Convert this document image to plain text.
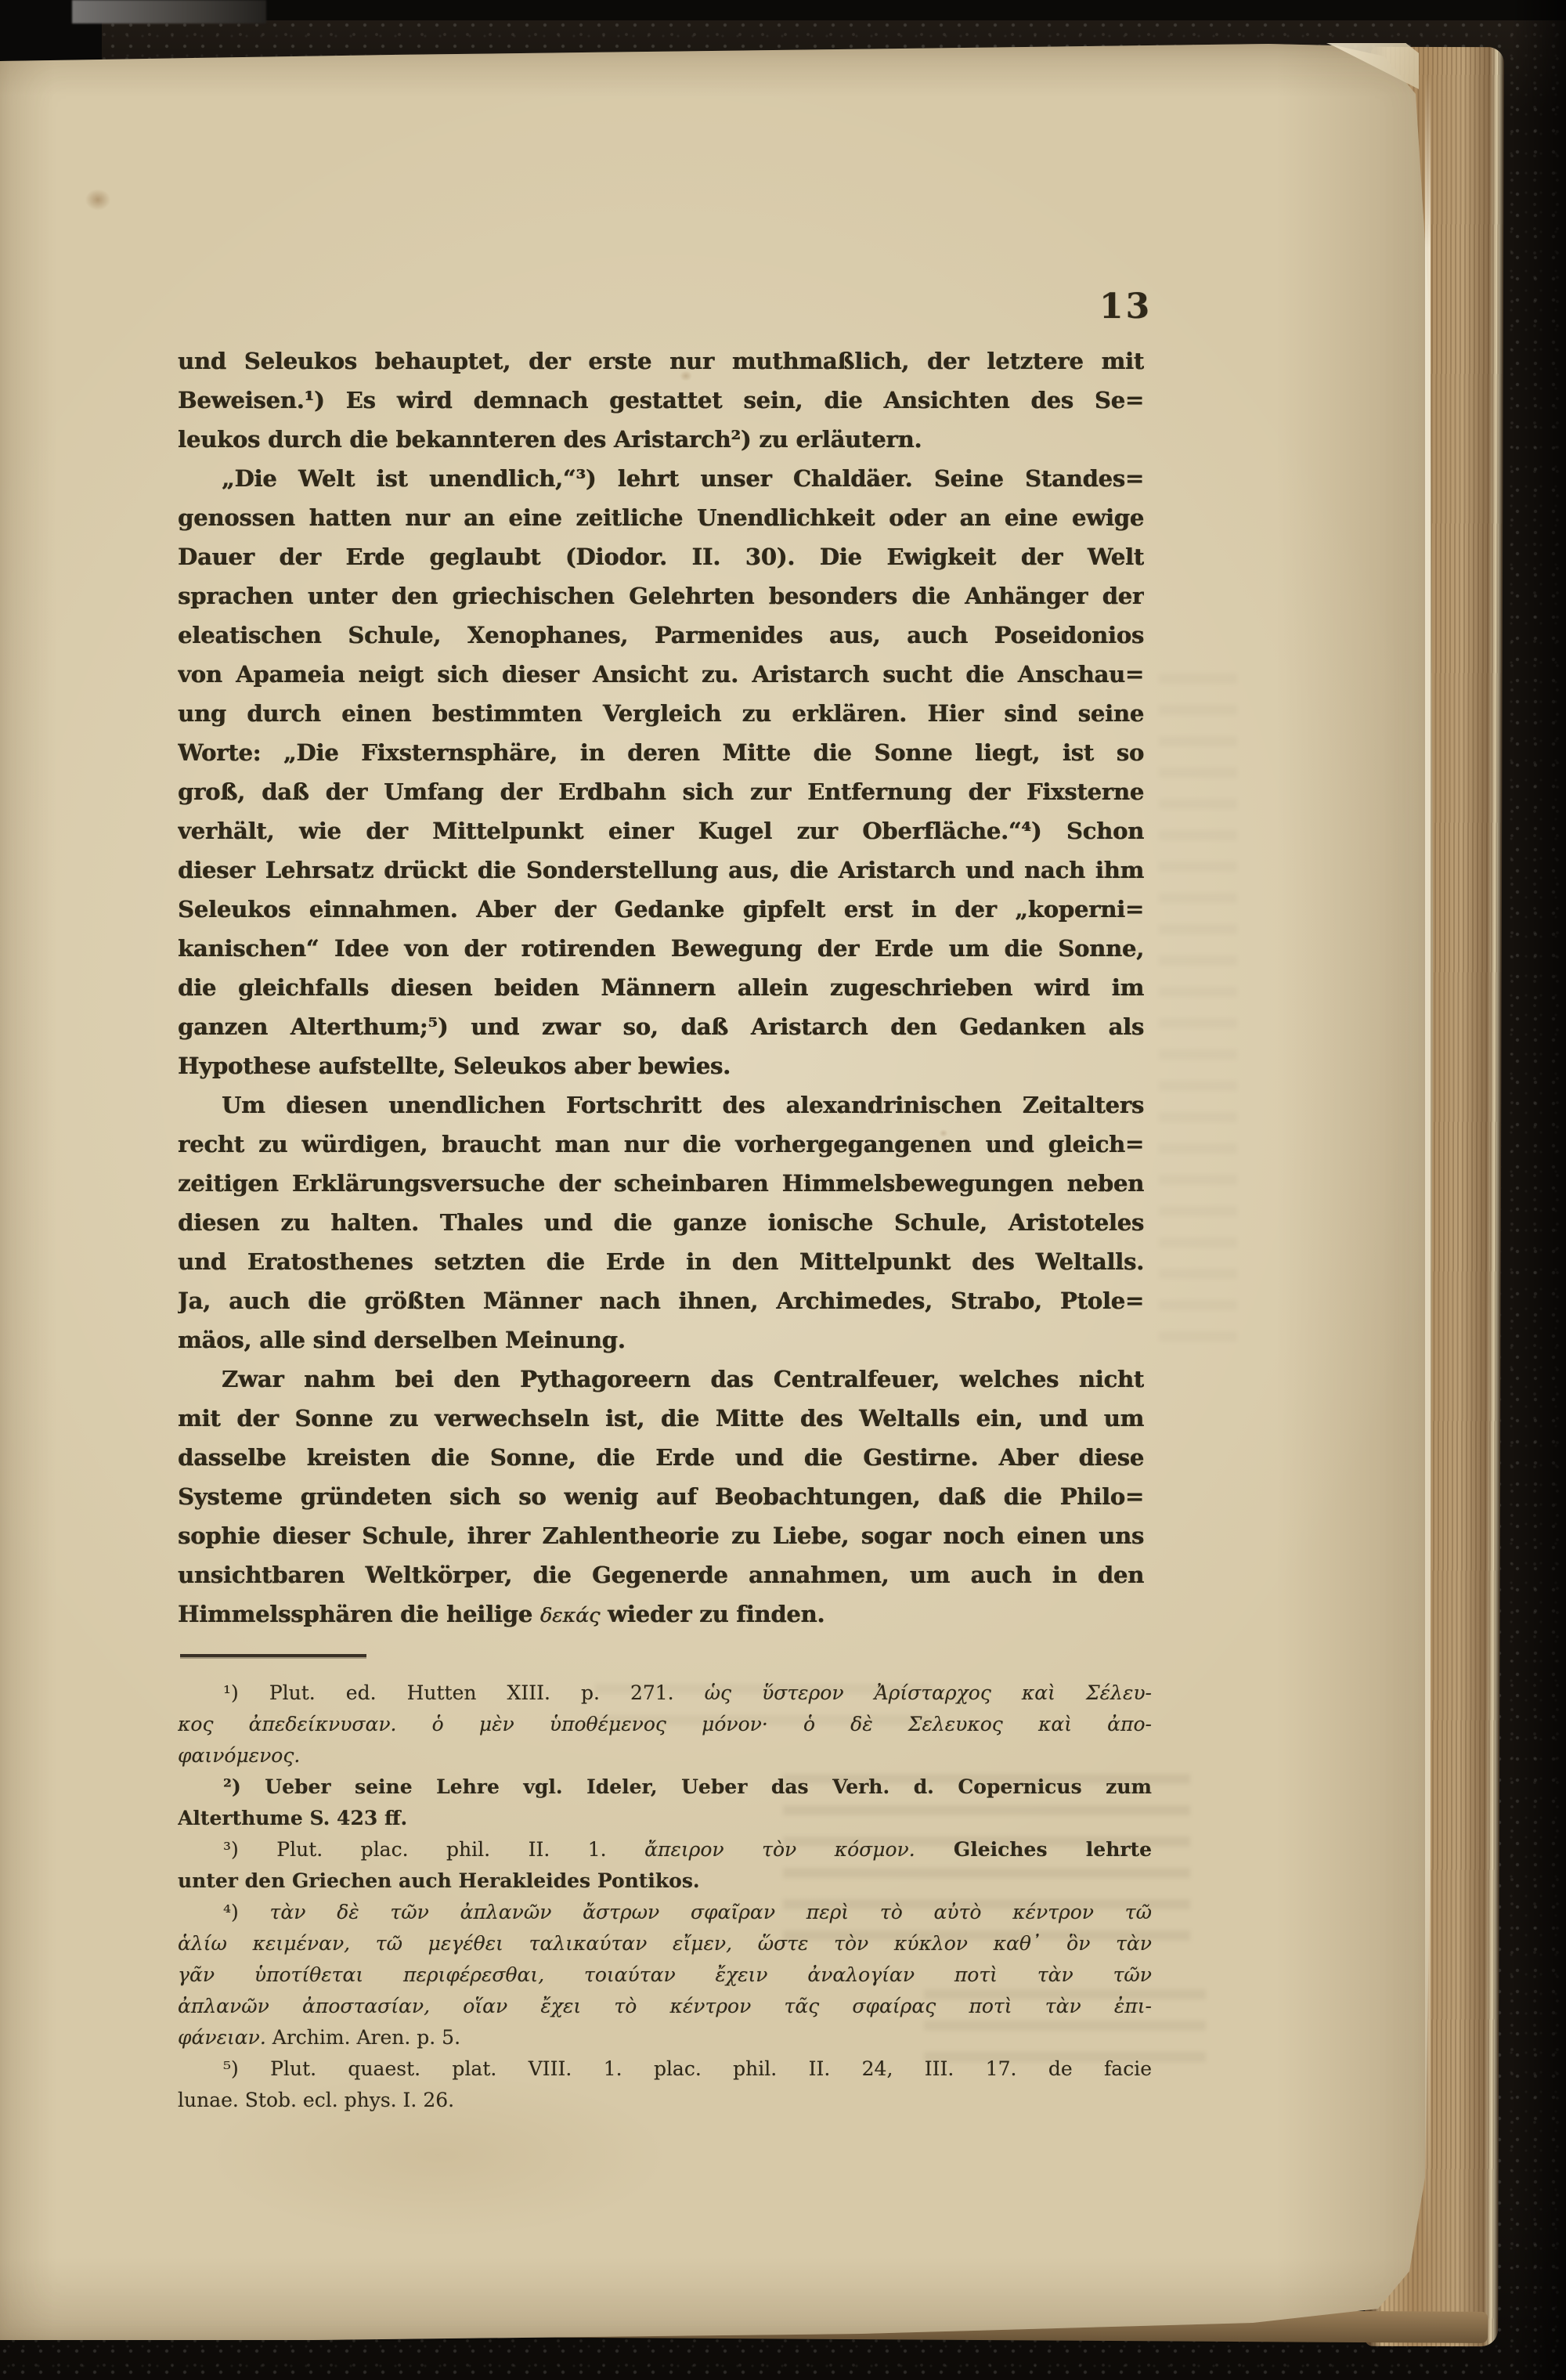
13
und Seleukos behauptet, der erste nur muthmaßlich, der letztere mit
Beweisen.¹) Es wird demnach gestattet sein, die Ansichten des Se=
leukos durch die bekannteren des Aristarch²) zu erläutern.
„Die Welt ist unendlich,“³) lehrt unser Chaldäer. Seine Standes=
genossen hatten nur an eine zeitliche Unendlichkeit oder an eine ewige
Dauer der Erde geglaubt (Diodor. II. 30). Die Ewigkeit der Welt
sprachen unter den griechischen Gelehrten besonders die Anhänger der
eleatischen Schule, Xenophanes, Parmenides aus, auch Poseidonios
von Apameia neigt sich dieser Ansicht zu. Aristarch sucht die Anschau=
ung durch einen bestimmten Vergleich zu erklären. Hier sind seine
Worte: „Die Fixsternsphäre, in deren Mitte die Sonne liegt, ist so
groß, daß der Umfang der Erdbahn sich zur Entfernung der Fixsterne
verhält, wie der Mittelpunkt einer Kugel zur Oberfläche.“⁴) Schon
dieser Lehrsatz drückt die Sonderstellung aus, die Aristarch und nach ihm
Seleukos einnahmen. Aber der Gedanke gipfelt erst in der „koperni=
kanischen“ Idee von der rotirenden Bewegung der Erde um die Sonne,
die gleichfalls diesen beiden Männern allein zugeschrieben wird im
ganzen Alterthum;⁵) und zwar so, daß Aristarch den Gedanken als
Hypothese aufstellte, Seleukos aber bewies.
Um diesen unendlichen Fortschritt des alexandrinischen Zeitalters
recht zu würdigen, braucht man nur die vorhergegangenen und gleich=
zeitigen Erklärungsversuche der scheinbaren Himmelsbewegungen neben
diesen zu halten. Thales und die ganze ionische Schule, Aristoteles
und Eratosthenes setzten die Erde in den Mittelpunkt des Weltalls.
Ja, auch die größten Männer nach ihnen, Archimedes, Strabo, Ptole=
mäos, alle sind derselben Meinung.
Zwar nahm bei den Pythagoreern das Centralfeuer, welches nicht
mit der Sonne zu verwechseln ist, die Mitte des Weltalls ein, und um
dasselbe kreisten die Sonne, die Erde und die Gestirne. Aber diese
Systeme gründeten sich so wenig auf Beobachtungen, daß die Philo=
sophie dieser Schule, ihrer Zahlentheorie zu Liebe, sogar noch einen uns
unsichtbaren Weltkörper, die Gegenerde annahmen, um auch in den
Himmelssphären die heilige δεκάς wieder zu finden.
¹) Plut. ed. Hutten XIII. p. 271. ὡς ὕστερον Ἀρίσταρχος καὶ Σέλευ-
κος ἀπεδείκνυσαν. ὁ μὲν ὑποθέμενος μόνον· ὁ δὲ Σελευκος καὶ ἀπο-
φαινόμενος.
²) Ueber seine Lehre vgl. Ideler, Ueber das Verh. d. Copernicus zum
Alterthume S. 423 ff.
³) Plut. plac. phil. II. 1. ἄπειρον τὸν κόσμον. Gleiches lehrte
unter den Griechen auch Herakleides Pontikos.
⁴) τὰν δὲ τῶν ἀπλανῶν ἄστρων σφαῖραν περὶ τὸ αὐτὸ κέντρον τῶ
ἁλίω κειμέναν, τῶ μεγέθει ταλικαύταν εἴμεν, ὥστε τὸν κύκλον καθ᾽ ὃν τὰν
γᾶν ὑποτίθεται περιφέρεσθαι, τοιαύταν ἔχειν ἀναλογίαν ποτὶ τὰν τῶν
ἀπλανῶν ἀποστασίαν, οἵαν ἔχει τὸ κέντρον τᾶς σφαίρας ποτὶ τὰν ἐπι-
φάνειαν. Archim. Aren. p. 5.
⁵) Plut. quaest. plat. VIII. 1. plac. phil. II. 24, III. 17. de facie
lunae. Stob. ecl. phys. I. 26.
